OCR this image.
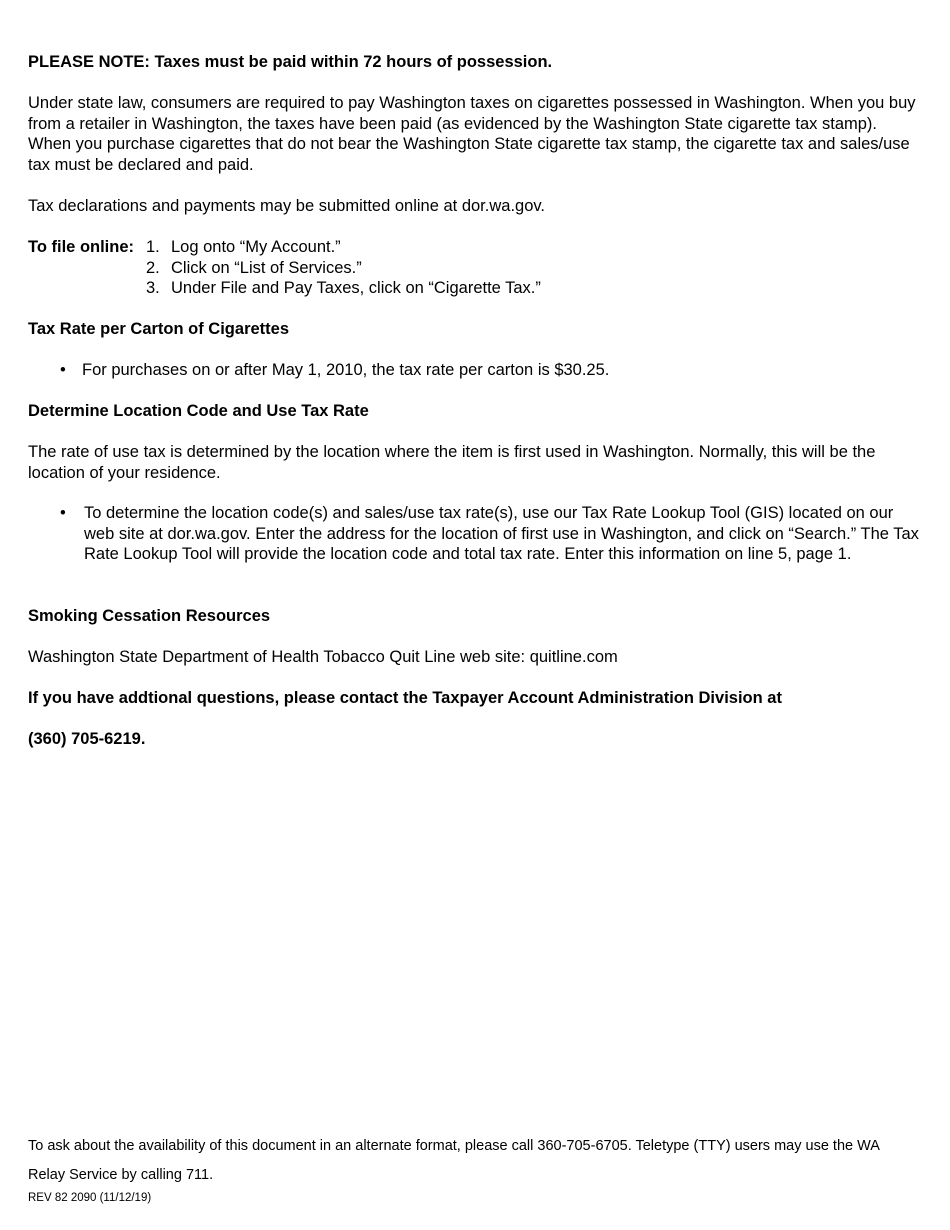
PLEASE NOTE: Taxes must be paid within 72 hours of possession.
Under state law, consumers are required to pay Washington taxes on cigarettes possessed in Washington. When you buy from a retailer in Washington, the taxes have been paid (as evidenced by the Washington State cigarette tax stamp). When you purchase cigarettes that do not bear the Washington State cigarette tax stamp, the cigarette tax and sales/use tax must be declared and paid.
Tax declarations and payments may be submitted online at dor.wa.gov.
To file online: 1. Log onto “My Account.”
2. Click on “List of Services.”
3. Under File and Pay Taxes, click on “Cigarette Tax.”
Tax Rate per Carton of Cigarettes
• For purchases on or after May 1, 2010, the tax rate per carton is $30.25.
Determine Location Code and Use Tax Rate
The rate of use tax is determined by the location where the item is first used in Washington. Normally, this will be the location of your residence.
• To determine the location code(s) and sales/use tax rate(s), use our Tax Rate Lookup Tool (GIS) located on our web site at dor.wa.gov. Enter the address for the location of first use in Washington, and click on “Search.” The Tax Rate Lookup Tool will provide the location code and total tax rate. Enter this information on line 5, page 1.
Smoking Cessation Resources
Washington State Department of Health Tobacco Quit Line web site: quitline.com
If you have addtional questions, please contact the Taxpayer Account Administration Division at
(360) 705-6219.
To ask about the availability of this document in an alternate format, please call 360-705-6705. Teletype (TTY) users may use the WA Relay Service by calling 711.
REV 82 2090 (11/12/19)
